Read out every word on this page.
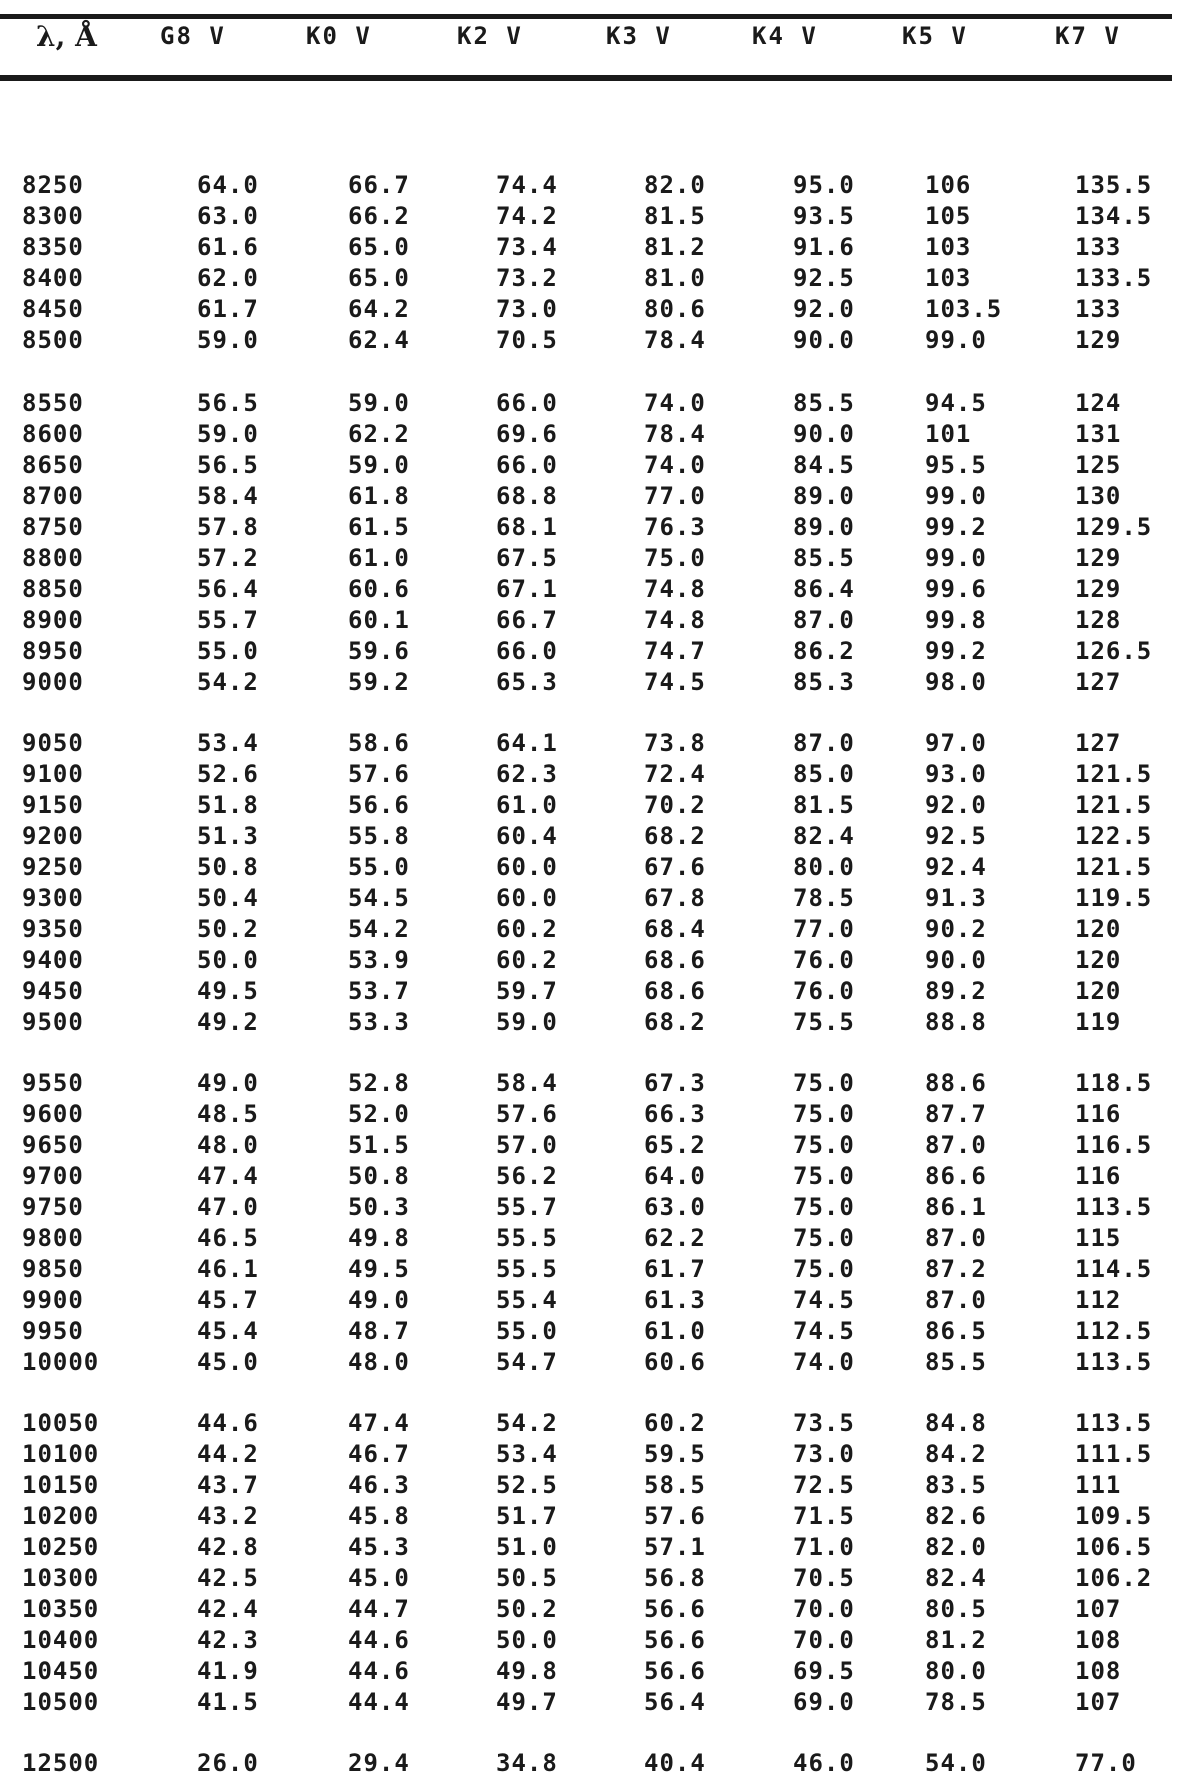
λ, Å	G8 V	K0 V	K2 V	K3 V	K4 V	K5 V	K7 V
8250	64.0	66.7	74.4	82.0	95.0	106	135.5
8300	63.0	66.2	74.2	81.5	93.5	105	134.5
8350	61.6	65.0	73.4	81.2	91.6	103	133
8400	62.0	65.0	73.2	81.0	92.5	103	133.5
8450	61.7	64.2	73.0	80.6	92.0	103.5	133
8500	59.0	62.4	70.5	78.4	90.0	99.0	129
8550	56.5	59.0	66.0	74.0	85.5	94.5	124
8600	59.0	62.2	69.6	78.4	90.0	101	131
8650	56.5	59.0	66.0	74.0	84.5	95.5	125
8700	58.4	61.8	68.8	77.0	89.0	99.0	130
8750	57.8	61.5	68.1	76.3	89.0	99.2	129.5
8800	57.2	61.0	67.5	75.0	85.5	99.0	129
8850	56.4	60.6	67.1	74.8	86.4	99.6	129
8900	55.7	60.1	66.7	74.8	87.0	99.8	128
8950	55.0	59.6	66.0	74.7	86.2	99.2	126.5
9000	54.2	59.2	65.3	74.5	85.3	98.0	127
9050	53.4	58.6	64.1	73.8	87.0	97.0	127
9100	52.6	57.6	62.3	72.4	85.0	93.0	121.5
9150	51.8	56.6	61.0	70.2	81.5	92.0	121.5
9200	51.3	55.8	60.4	68.2	82.4	92.5	122.5
9250	50.8	55.0	60.0	67.6	80.0	92.4	121.5
9300	50.4	54.5	60.0	67.8	78.5	91.3	119.5
9350	50.2	54.2	60.2	68.4	77.0	90.2	120
9400	50.0	53.9	60.2	68.6	76.0	90.0	120
9450	49.5	53.7	59.7	68.6	76.0	89.2	120
9500	49.2	53.3	59.0	68.2	75.5	88.8	119
9550	49.0	52.8	58.4	67.3	75.0	88.6	118.5
9600	48.5	52.0	57.6	66.3	75.0	87.7	116
9650	48.0	51.5	57.0	65.2	75.0	87.0	116.5
9700	47.4	50.8	56.2	64.0	75.0	86.6	116
9750	47.0	50.3	55.7	63.0	75.0	86.1	113.5
9800	46.5	49.8	55.5	62.2	75.0	87.0	115
9850	46.1	49.5	55.5	61.7	75.0	87.2	114.5
9900	45.7	49.0	55.4	61.3	74.5	87.0	112
9950	45.4	48.7	55.0	61.0	74.5	86.5	112.5
10000	45.0	48.0	54.7	60.6	74.0	85.5	113.5
10050	44.6	47.4	54.2	60.2	73.5	84.8	113.5
10100	44.2	46.7	53.4	59.5	73.0	84.2	111.5
10150	43.7	46.3	52.5	58.5	72.5	83.5	111
10200	43.2	45.8	51.7	57.6	71.5	82.6	109.5
10250	42.8	45.3	51.0	57.1	71.0	82.0	106.5
10300	42.5	45.0	50.5	56.8	70.5	82.4	106.2
10350	42.4	44.7	50.2	56.6	70.0	80.5	107
10400	42.3	44.6	50.0	56.6	70.0	81.2	108
10450	41.9	44.6	49.8	56.6	69.5	80.0	108
10500	41.5	44.4	49.7	56.4	69.0	78.5	107
12500	26.0	29.4	34.8	40.4	46.0	54.0	77.0
